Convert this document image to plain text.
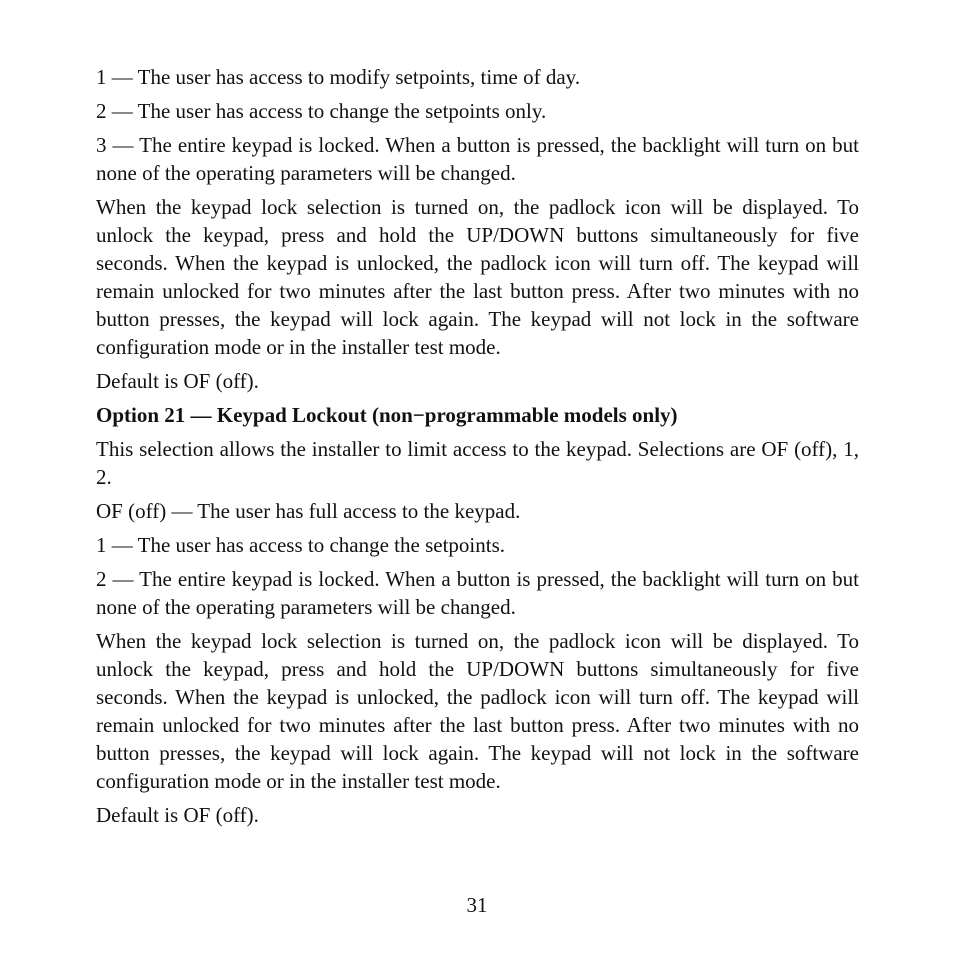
1 — The user has access to modify setpoints, time of day.

2 — The user has access to change the setpoints only.

3 — The entire keypad is locked. When a button is pressed, the backlight will turn on but none of the operating parameters will be changed.

When the keypad lock selection is turned on, the padlock icon will be displayed. To unlock the keypad, press and hold the UP/DOWN buttons simultaneously for five seconds. When the keypad is unlocked, the padlock icon will turn off. The keypad will remain unlocked for two minutes after the last button press. After two minutes with no button presses, the keypad will lock again. The keypad will not lock in the software configuration mode or in the installer test mode.

Default is OF (off).

Option 21 — Keypad Lockout (non−programmable models only)

This selection allows the installer to limit access to the keypad. Selections are OF (off), 1, 2.

OF (off) — The user has full access to the keypad.

1 — The user has access to change the setpoints.

2 — The entire keypad is locked. When a button is pressed, the backlight will turn on but none of the operating parameters will be changed.

When the keypad lock selection is turned on, the padlock icon will be displayed. To unlock the keypad, press and hold the UP/DOWN buttons simultaneously for five seconds. When the keypad is unlocked, the padlock icon will turn off. The keypad will remain unlocked for two minutes after the last button press. After two minutes with no button presses, the keypad will lock again. The keypad will not lock in the software configuration mode or in the installer test mode.

Default is OF (off).

31
